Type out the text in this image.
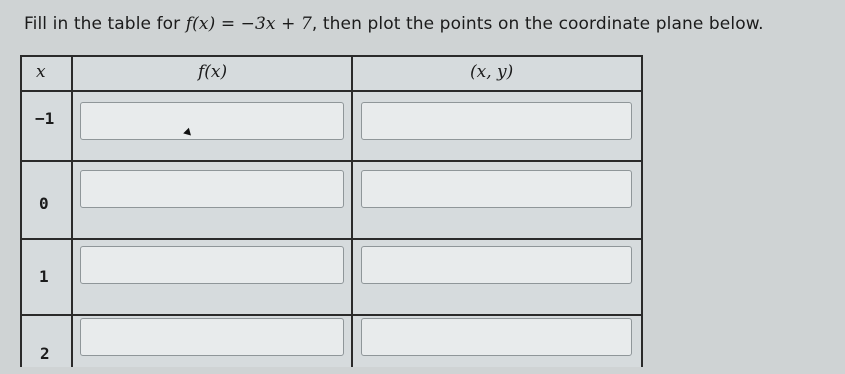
Fill in the table for f(x) = −3x + 7, then plot the points on the coordinate plane below.
x	f(x)	(x, y)
−1
0
1
2
